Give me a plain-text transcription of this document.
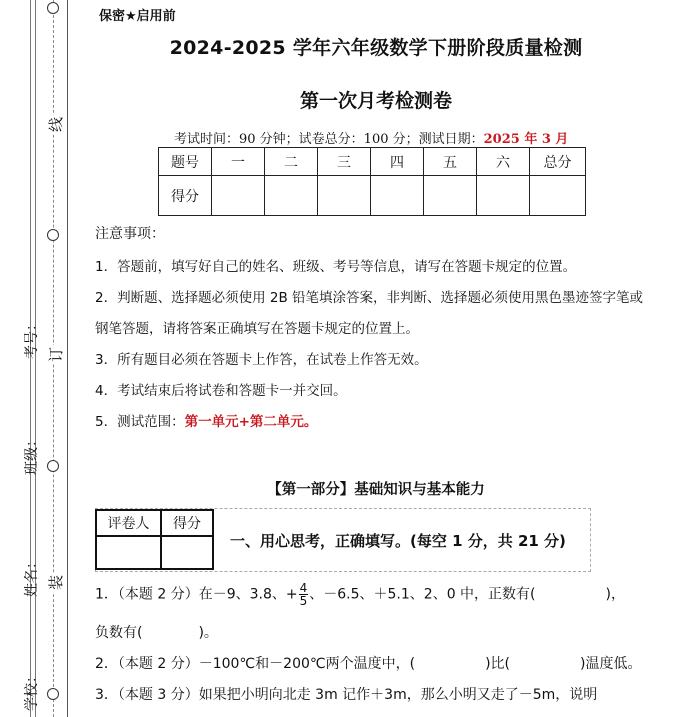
线
订
装
考号：
班级：
姓名：
学校：
保密★启用前
2024-2025 学年六年级数学下册阶段质量检测
第一次月考检测卷
考试时间：90 分钟；试卷总分：100 分；测试日期：2025 年 3 月
题号	一	二	三	四	五	六	总分
得分							
注意事项：
1．答题前，填写好自己的姓名、班级、考号等信息，请写在答题卡规定的位置。
2．判断题、选择题必须使用 2B 铅笔填涂答案，非判断、选择题必须使用黑色墨迹签字笔或
钢笔答题，请将答案正确填写在答题卡规定的位置上。
3．所有题目必须在答题卡上作答，在试卷上作答无效。
4．考试结束后将试卷和答题卡一并交回。
5．测试范围：第一单元+第二单元。
【第一部分】基础知识与基本能力
评卷人	得分

一、用心思考，正确填写。(每空 1 分，共 21 分)
1．（本题 2 分）在－9、3.8、+ $\frac{4}{5}$ 、－6.5、＋5.1、2、0 中，正数有(　　　　　)，
负数有(　　　　)。
2．（本题 2 分）－100℃和－200℃两个温度中，(　　　　　)比(　　　　　)温度低。
3．（本题 3 分）如果把小明向北走 3m 记作＋3m，那么小明又走了－5m，说明
